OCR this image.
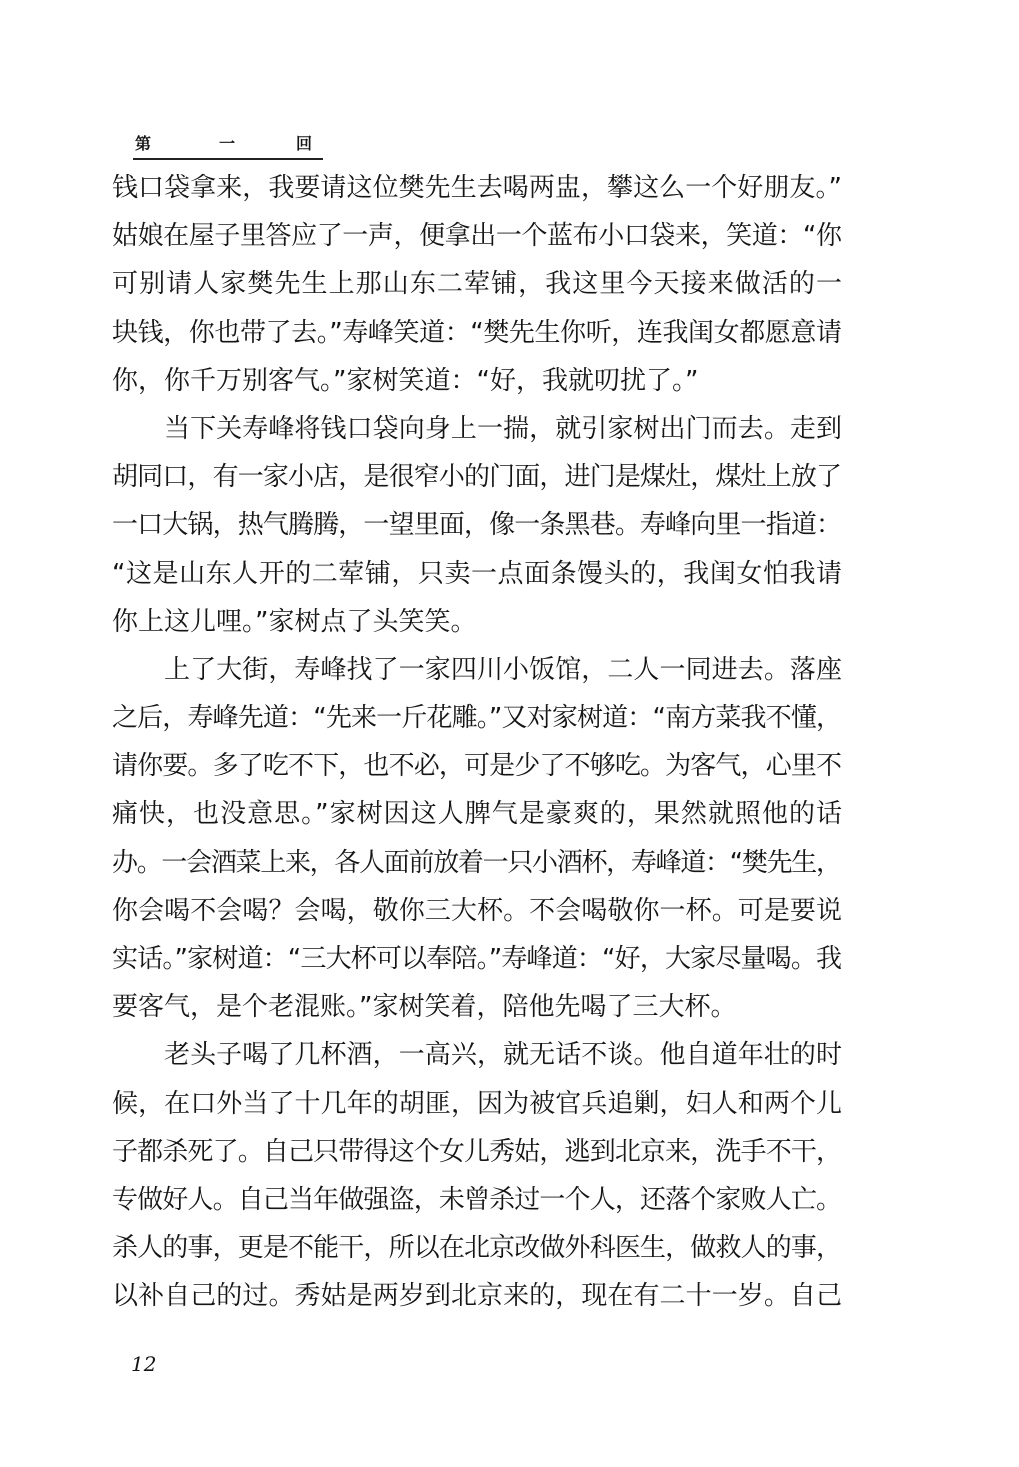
第	一	回
钱口袋拿来，我要请这位樊先生去喝两盅，攀这么一个好朋友。”
姑娘在屋子里答应了一声，便拿出一个蓝布小口袋来，笑道：“你
可别请人家樊先生上那山东二荤铺，我这里今天接来做活的一
块钱，你也带了去。”寿峰笑道：“樊先生你听，连我闺女都愿意请
你，你千万别客气。”家树笑道：“好，我就叨扰了。”
当下关寿峰将钱口袋向身上一揣，就引家树出门而去。走到
胡同口，有一家小店，是很窄小的门面，进门是煤灶，煤灶上放了
一口大锅，热气腾腾，一望里面，像一条黑巷。寿峰向里一指道：
“这是山东人开的二荤铺，只卖一点面条馒头的，我闺女怕我请
你上这儿哩。”家树点了头笑笑。
上了大街，寿峰找了一家四川小饭馆，二人一同进去。落座
之后，寿峰先道：“先来一斤花雕。”又对家树道：“南方菜我不懂，
请你要。多了吃不下，也不必，可是少了不够吃。为客气，心里不
痛快，也没意思。”家树因这人脾气是豪爽的，果然就照他的话
办。一会酒菜上来，各人面前放着一只小酒杯，寿峰道：“樊先生，
你会喝不会喝？会喝，敬你三大杯。不会喝敬你一杯。可是要说
实话。”家树道：“三大杯可以奉陪。”寿峰道：“好，大家尽量喝。我
要客气，是个老混账。”家树笑着，陪他先喝了三大杯。
老头子喝了几杯酒，一高兴，就无话不谈。他自道年壮的时
候，在口外当了十几年的胡匪，因为被官兵追剿，妇人和两个儿
子都杀死了。自己只带得这个女儿秀姑，逃到北京来，洗手不干，
专做好人。自己当年做强盗，未曾杀过一个人，还落个家败人亡。
杀人的事，更是不能干，所以在北京改做外科医生，做救人的事，
以补自己的过。秀姑是两岁到北京来的，现在有二十一岁。自己
12
